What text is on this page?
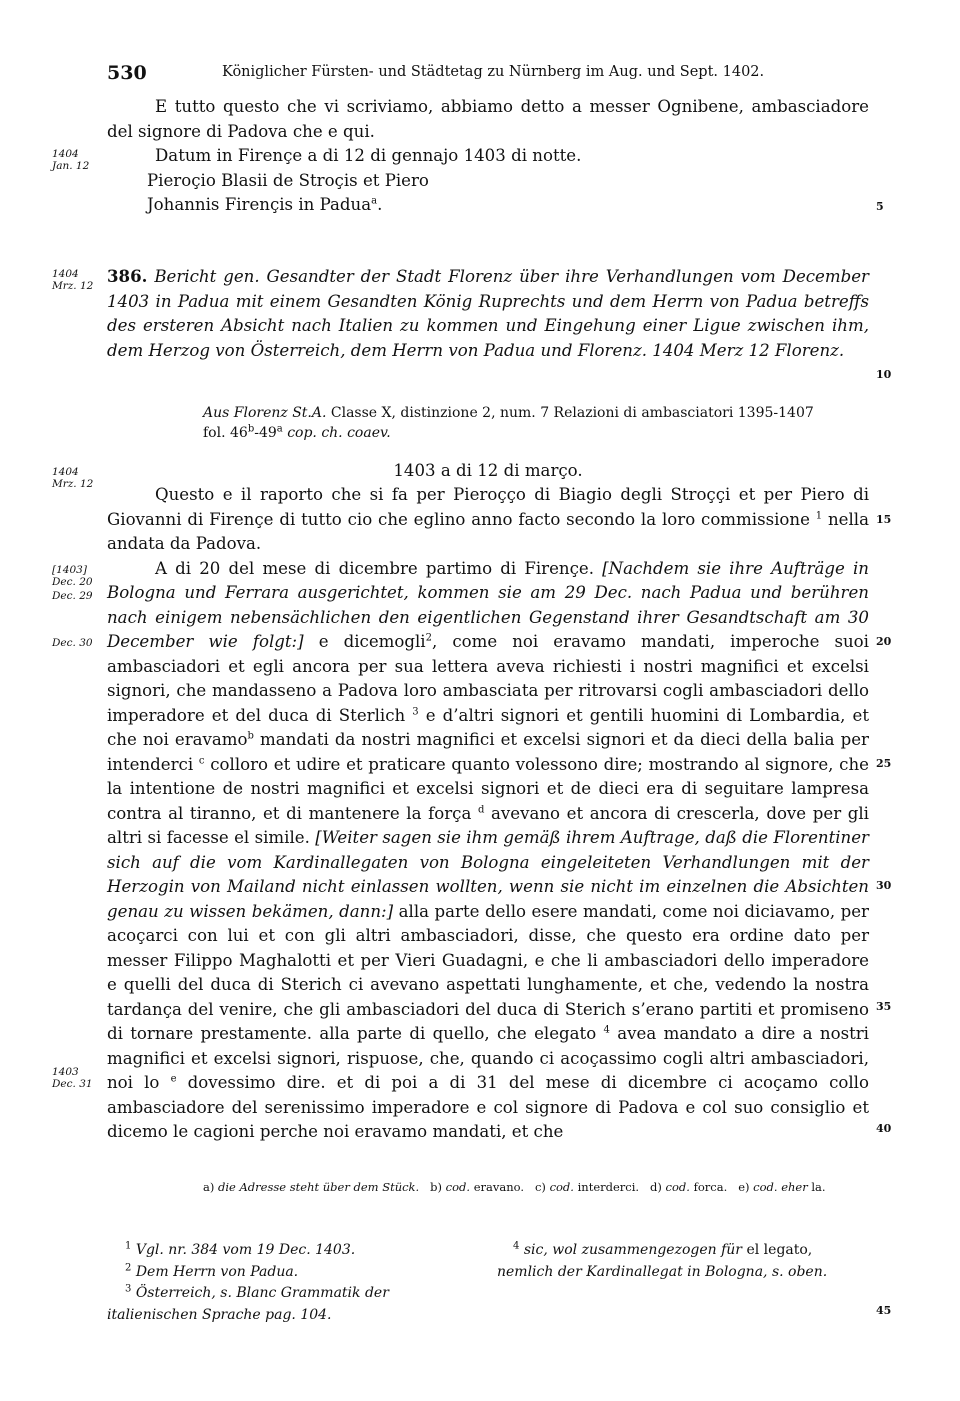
530	Königlicher Fürsten- und Städtetag zu Nürnberg im Aug. und Sept. 1402.
1404 Jan. 12
1404 Mrz. 12
1404 Mrz. 12
[1403] Dec. 20
Dec. 29
Dec. 30
1403 Dec. 31
5
10
15
20
25
30
35
40
45

E tutto questo che vi scriviamo, abbiamo detto a messer Ognibene, ambasciadore del signore di Padova che e qui.

Datum in Firençe a di 12 di gennajo 1403 di notte.

Pieroçio Blasii de Stroçis et Piero

Johannis Firençis in Padua$^a$.

386. Bericht gen. Gesandter der Stadt Florenz über ihre Verhandlungen vom December 1403 in Padua mit einem Gesandten König Ruprechts und dem Herrn von Padua betreffs des ersteren Absicht nach Italien zu kommen und Eingehung einer Ligue zwischen ihm, dem Herzog von Österreich, dem Herrn von Padua und Florenz. 1404 Merz 12 Florenz.

Aus Florenz St.A. Classe X, distinzione 2, num. 7 Relazioni di ambasciatori 1395-1407
fol. 46$^b$-49$^a$ cop. ch. coaev.
1403 a di 12 di março.

Questo e il raporto che si fa per Pieroçço di Biagio degli Stroççi et per Piero di Giovanni di Firençe di tutto cio che eglino anno facto secondo la loro commissione $^1$ nella andata da Padova.

A di 20 del mese di dicembre partimo di Firençe. [Nachdem sie ihre Aufträge in Bologna und Ferrara ausgerichtet, kommen sie am 29 Dec. nach Padua und berühren nach einigem nebensächlichen den eigentlichen Gegenstand ihrer Gesandtschaft am 30 December wie folgt:] e dicemogli$^2$, come noi eravamo mandati, imperoche suoi ambasciadori et egli ancora per sua lettera aveva richiesti i nostri magnifici et excelsi signori, che mandasseno a Padova loro ambasciata per ritrovarsi cogli ambasciadori dello imperadore et del duca di Sterlich $^3$ e d’altri signori et gentili huomini di Lombardia, et che noi eravamo$^b$ mandati da nostri magnifici et excelsi signori et da dieci della balia per intenderci $^c$ colloro et udire et praticare quanto volessono dire; mostrando al signore, che la intentione de nostri magnifici et excelsi signori et de dieci era di seguitare lampresa contra al tiranno, et di mantenere la força $^d$ avevano et ancora di crescerla, dove per gli altri si facesse el simile. [Weiter sagen sie ihm gemäß ihrem Auftrage, daß die Florentiner sich auf die vom Kardinallegaten von Bologna eingeleiteten Verhandlungen mit der Herzogin von Mailand nicht einlassen wollten, wenn sie nicht im einzelnen die Absichten genau zu wissen bekämen, dann:] alla parte dello esere mandati, come noi diciavamo, per acoçarci con lui et con gli altri ambasciadori, disse, che questo era ordine dato per messer Filippo Maghalotti et per Vieri Guadagni, e che li ambasciadori dello imperadore e quelli del duca di Sterich ci avevano aspettati lunghamente, et che, vedendo la nostra tardança del venire, che gli ambasciadori del duca di Sterich s’erano partiti et promiseno di tornare prestamente. alla parte di quello, che elegato $^4$ avea mandato a dire a nostri magnifici et excelsi signori, rispuose, che, quando ci acoçassimo cogli altri ambasciadori, noi lo $^e$ dovessimo dire. et di poi a di 31 del mese di dicembre ci acoçamo collo ambasciadore del serenissimo imperadore e col signore di Padova e col suo consiglio et dicemo le cagioni perche noi eravamo mandati, et che

a) die Adresse steht über dem Stück. b) cod. eravano. c) cod. interderci. d) cod. forca. e) cod. eher la.

$^1$ Vgl. nr. 384 vom 19 Dec. 1403.

$^2$ Dem Herrn von Padua.

$^3$ Österreich, s. Blanc Grammatik der italienischen Sprache pag. 104.

$^4$ sic, wol zusammengezogen für el legato, nemlich der Kardinallegat in Bologna, s. oben.
